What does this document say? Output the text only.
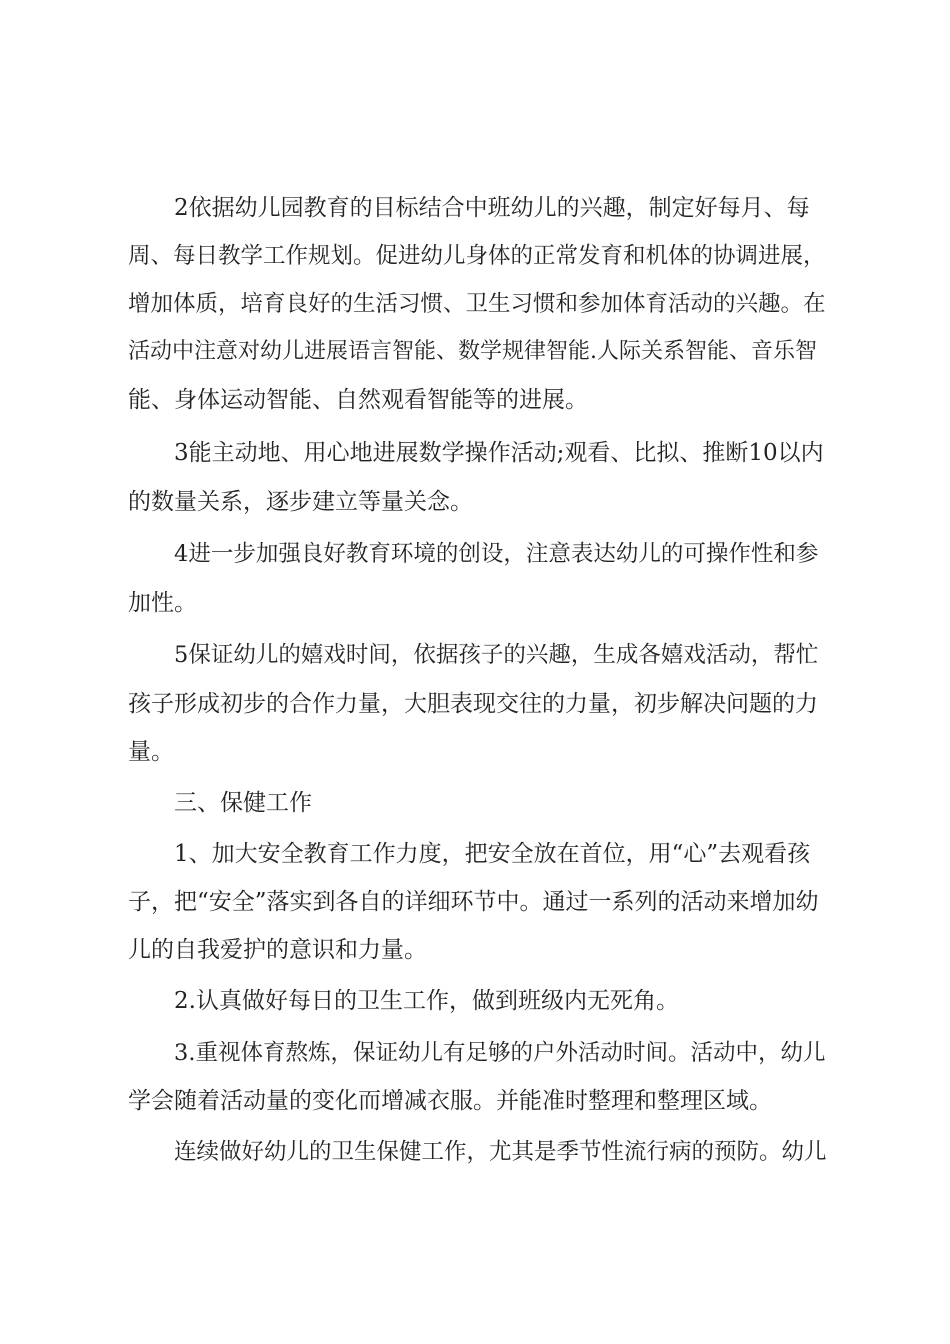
2依据幼儿园教育的目标结合中班幼儿的兴趣，制定好每月、每

周、每日教学工作规划。促进幼儿身体的正常发育和机体的协调进展，

增加体质，培育良好的生活习惯、卫生习惯和参加体育活动的兴趣。在

活动中注意对幼儿进展语言智能、数学规律智能.人际关系智能、音乐智

能、身体运动智能、自然观看智能等的进展。

3能主动地、用心地进展数学操作活动;观看、比拟、推断10以内

的数量关系，逐步建立等量关念。

4进一步加强良好教育环境的创设，注意表达幼儿的可操作性和参

加性。

5保证幼儿的嬉戏时间，依据孩子的兴趣，生成各嬉戏活动，帮忙

孩子形成初步的合作力量，大胆表现交往的力量，初步解决问题的力

量。

三、保健工作

1、加大安全教育工作力度，把安全放在首位，用“心”去观看孩

子，把“安全”落实到各自的详细环节中。通过一系列的活动来增加幼

儿的自我爱护的意识和力量。

2.认真做好每日的卫生工作，做到班级内无死角。

3.重视体育熬炼，保证幼儿有足够的户外活动时间。活动中，幼儿

学会随着活动量的变化而增减衣服。并能准时整理和整理区域。

连续做好幼儿的卫生保健工作，尤其是季节性流行病的预防。幼儿
